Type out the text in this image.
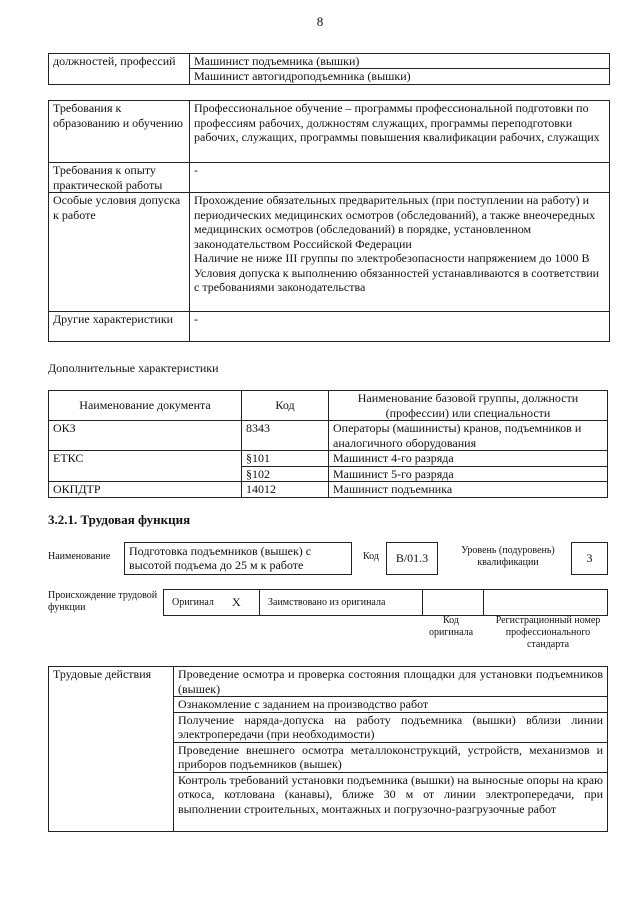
8
должностей, профессий	Машинист подъемника (вышки)
Машинист автогидроподъемника (вышки)
Требования к образованию и обучению	Профессиональное обучение – программы профессиональной подготовки по профессиям рабочих, должностям служащих, программы переподготовки рабочих, служащих, программы повышения квалификации рабочих, служащих
Требования к опыту практической работы	-
Особые условия допуска к работе	Прохождение обязательных предварительных (при поступлении на работу) и периодических медицинских осмотров (обследований), а также внеочередных медицинских осмотров (обследований) в порядке, установленном законодательством Российской Федерации
Наличие не ниже III группы по электробезопасности напряжением до 1000 В
Условия допуска к выполнению обязанностей устанавливаются в соответствии с требованиями законодательства
Другие характеристики	-
Дополнительные характеристики
Наименование документа	Код	Наименование базовой группы, должности (профессии) или специальности
ОКЗ	8343	Операторы (машинисты) кранов, подъемников и аналогичного оборудования
ЕТКС	§101	Машинист 4-го разряда
	§102	Машинист 5-го разряда
ОКПДТР	14012	Машинист подъемника
3.2.1. Трудовая функция
Наименование	Подготовка подъемников (вышек) с высотой подъема до 25 м к работе
Код	B/01.3
Уровень (подуровень) квалификации	3
Происхождение трудовой функции	Оригинал X	Заимствовано из оригинала
Код оригинала
Регистрационный номер профессионального стандарта
Трудовые действия	Проведение осмотра и проверка состояния площадки для установки подъемников (вышек)
Ознакомление с заданием на производство работ
Получение наряда-допуска на работу подъемника (вышки) вблизи линии электропередачи (при необходимости)
Проведение внешнего осмотра металлоконструкций, устройств, механизмов и приборов подъемников (вышек)
Контроль требований установки подъемника (вышки) на выносные опоры на краю откоса, котлована (канавы), ближе 30 м от линии электропередачи, при выполнении строительных, монтажных и погрузочно-разгрузочные работ
